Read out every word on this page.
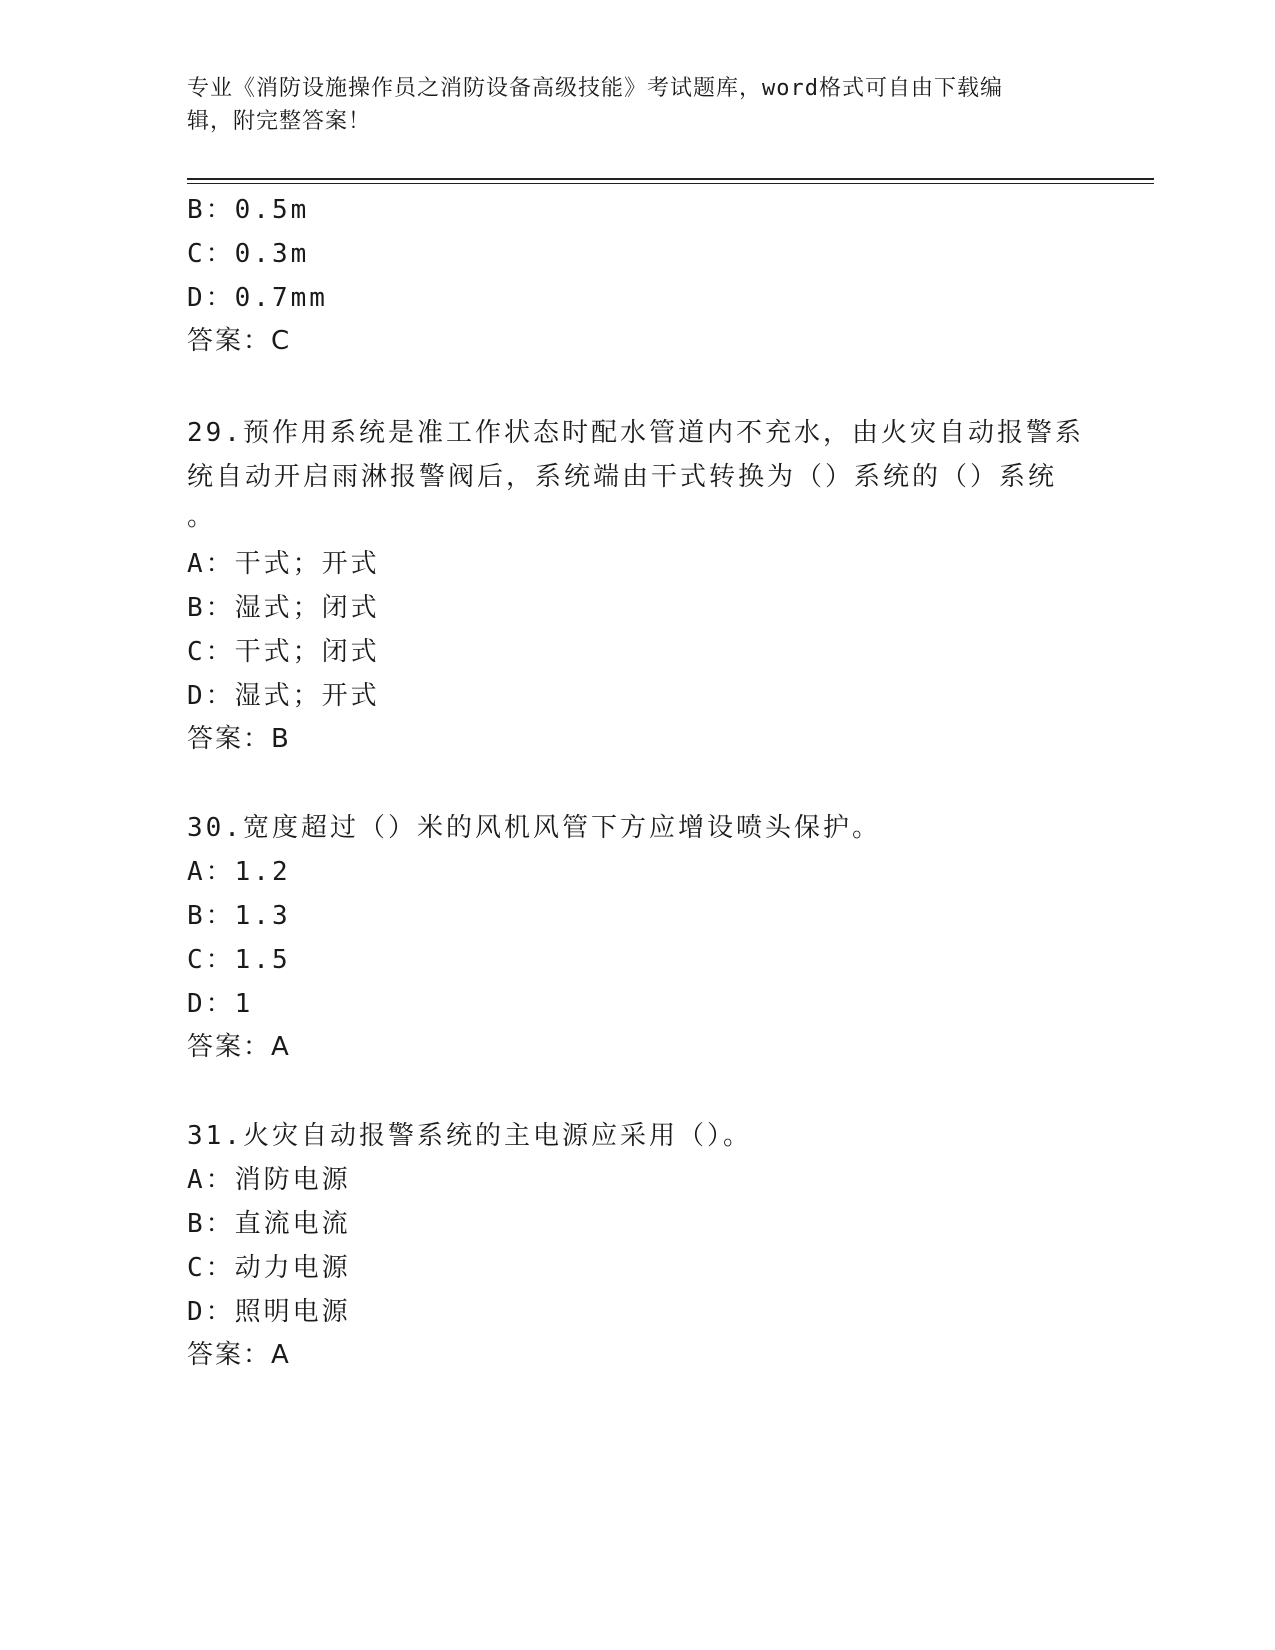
专业《消防设施操作员之消防设备高级技能》考试题库，word格式可自由下载编
辑，附完整答案！
B：0.5m
C：0.3m
D：0.7mm
答案：C
29.预作用系统是准工作状态时配水管道内不充水，由火灾自动报警系
统自动开启雨淋报警阀后，系统端由干式转换为（）系统的（）系统
。
A：干式；开式
B：湿式；闭式
C：干式；闭式
D：湿式；开式
答案：B
30.宽度超过（）米的风机风管下方应增设喷头保护。
A：1.2
B：1.3
C：1.5
D：1
答案：A
31.火灾自动报警系统的主电源应采用（）。
A：消防电源
B：直流电流
C：动力电源
D：照明电源
答案：A
